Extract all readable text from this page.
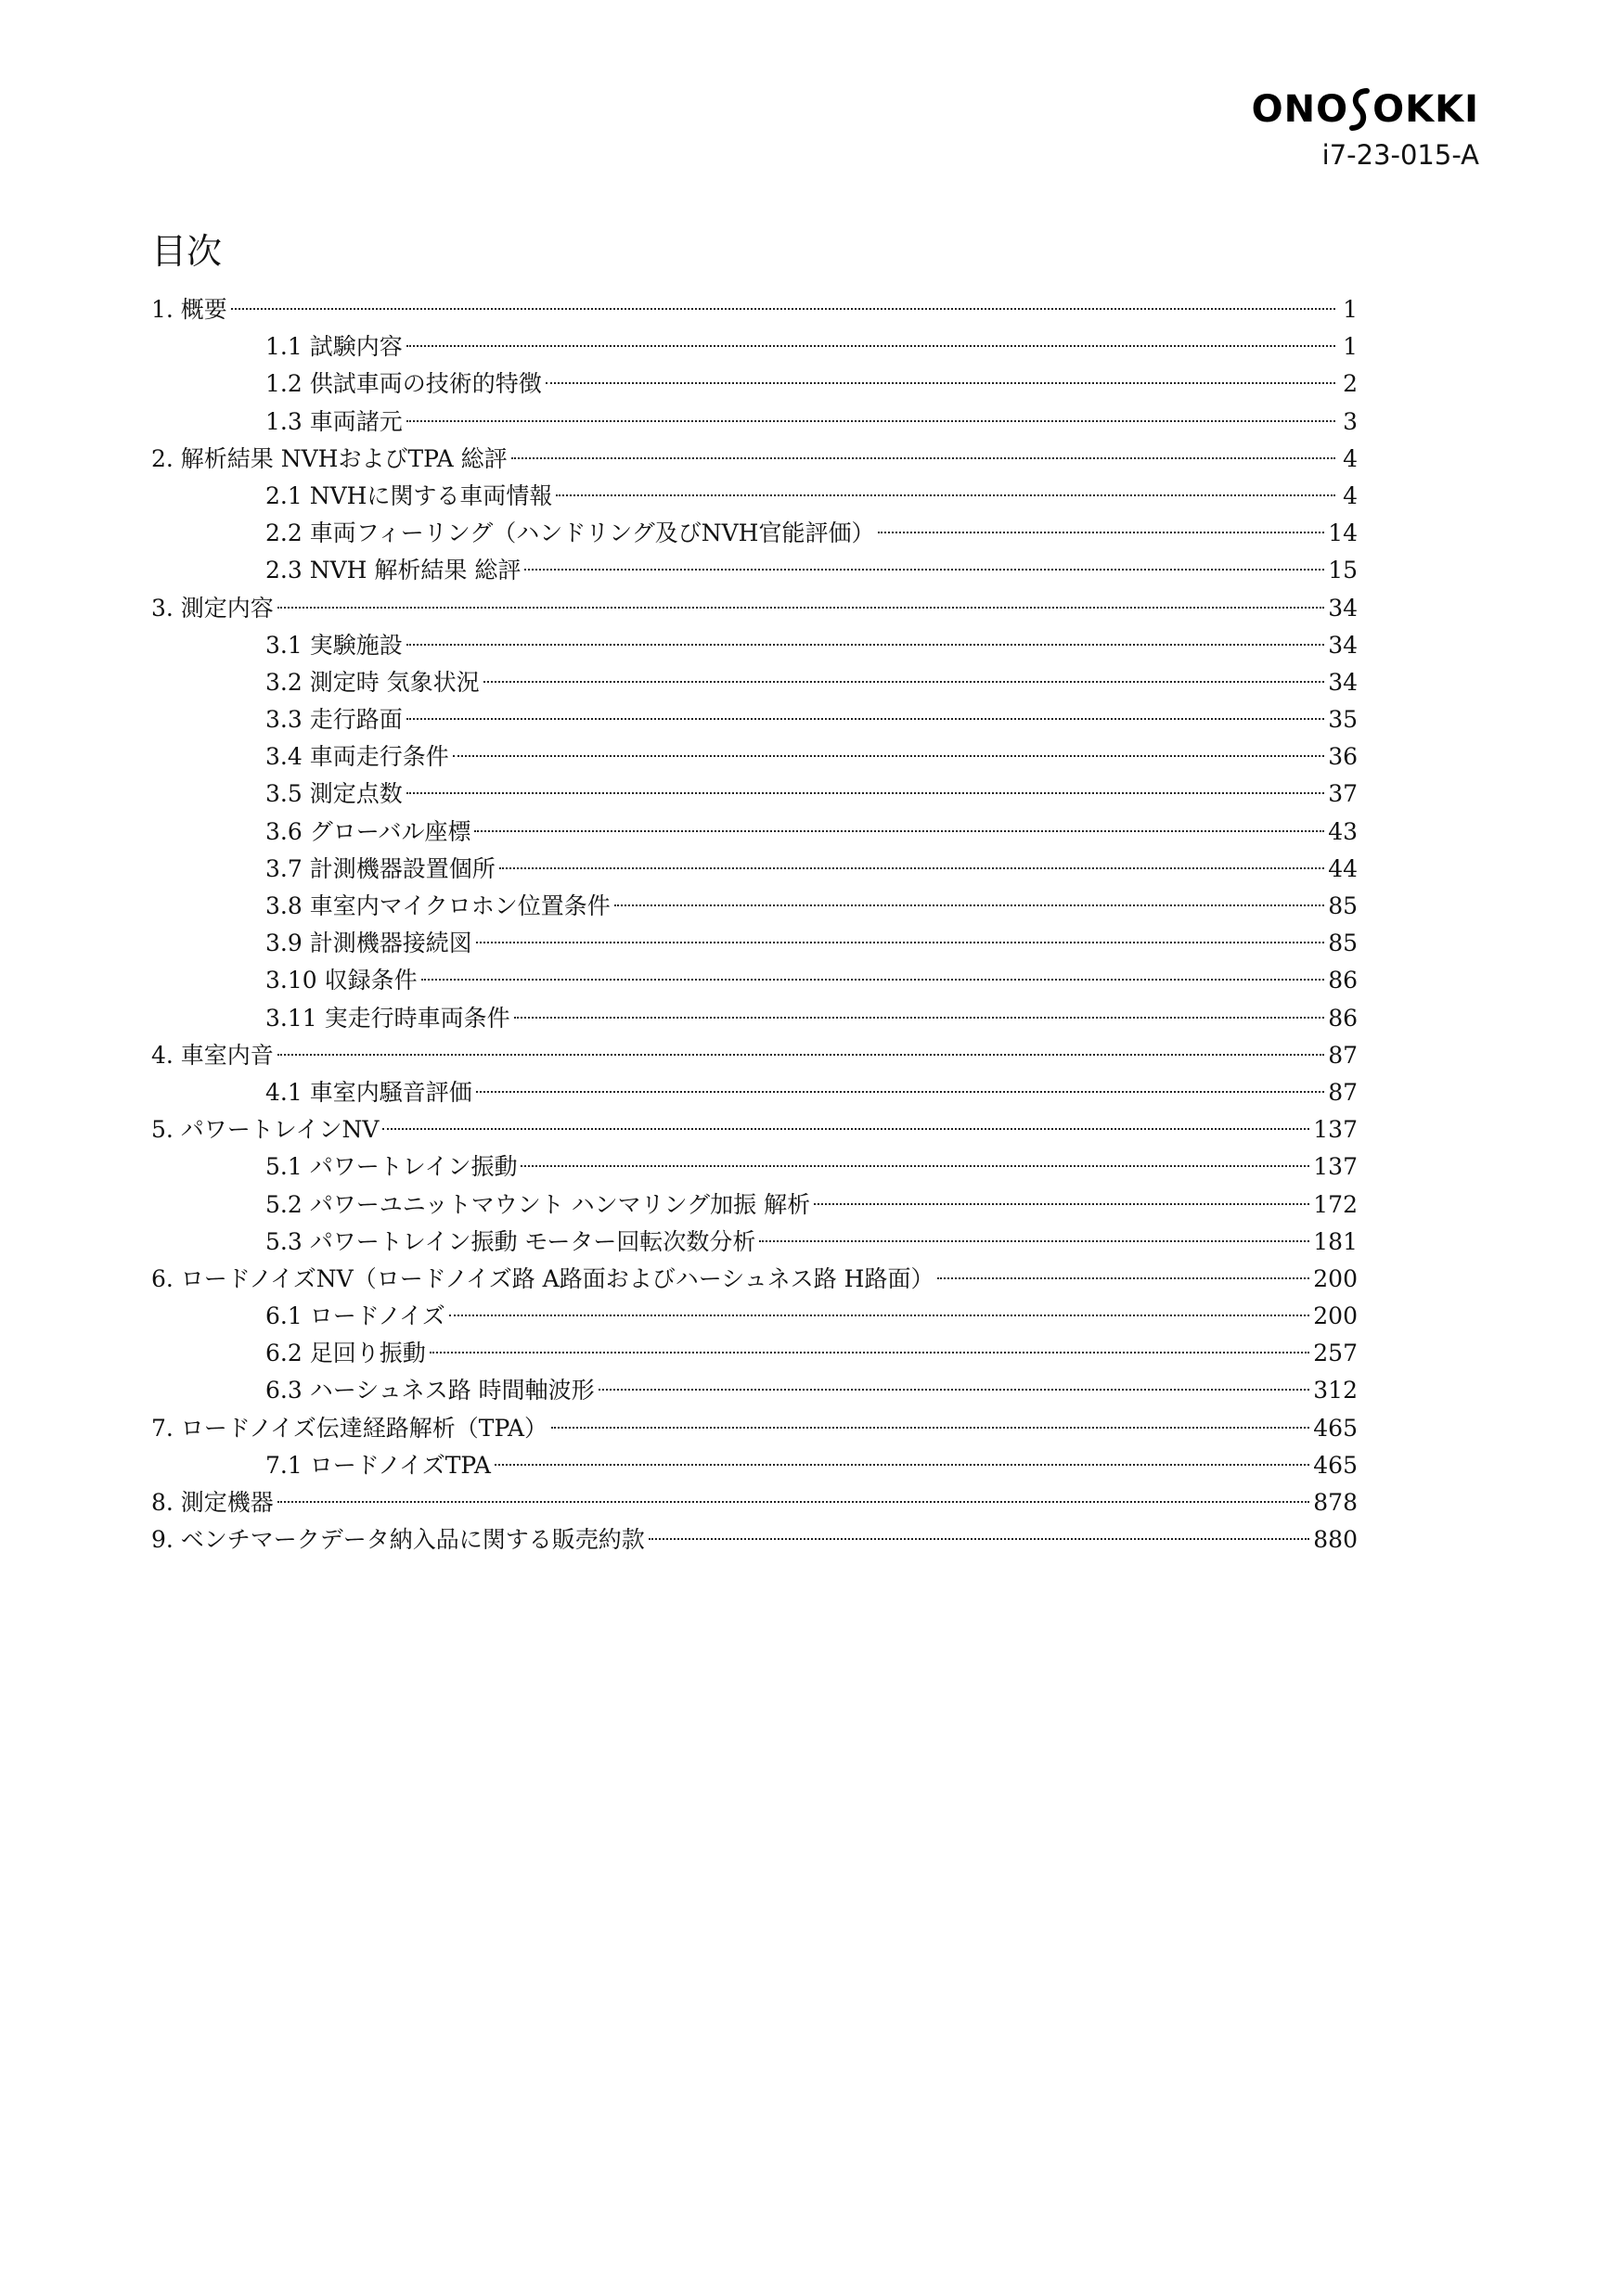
ONO OKKI
i7-23-015-A
目次
1. 概要	1
1.1 試験内容	1
1.2 供試車両の技術的特徴	2
1.3 車両諸元	3
2. 解析結果 NVHおよびTPA 総評	4
2.1 NVHに関する車両情報	4
2.2 車両フィーリング（ハンドリング及びNVH官能評価）	14
2.3 NVH 解析結果 総評	15
3. 測定内容	34
3.1 実験施設	34
3.2 測定時 気象状況	34
3.3 走行路面	35
3.4 車両走行条件	36
3.5 測定点数	37
3.6 グローバル座標	43
3.7 計測機器設置個所	44
3.8 車室内マイクロホン位置条件	85
3.9 計測機器接続図	85
3.10 収録条件	86
3.11 実走行時車両条件	86
4. 車室内音	87
4.1 車室内騒音評価	87
5. パワートレインNV	137
5.1 パワートレイン振動	137
5.2 パワーユニットマウント ハンマリング加振 解析	172
5.3 パワートレイン振動 モーター回転次数分析	181
6. ロードノイズNV（ロードノイズ路 A路面およびハーシュネス路 H路面）	200
6.1 ロードノイズ	200
6.2 足回り振動	257
6.3 ハーシュネス路 時間軸波形	312
7. ロードノイズ伝達経路解析（TPA）	465
7.1 ロードノイズTPA	465
8. 測定機器	878
9. ベンチマークデータ納入品に関する販売約款	880
